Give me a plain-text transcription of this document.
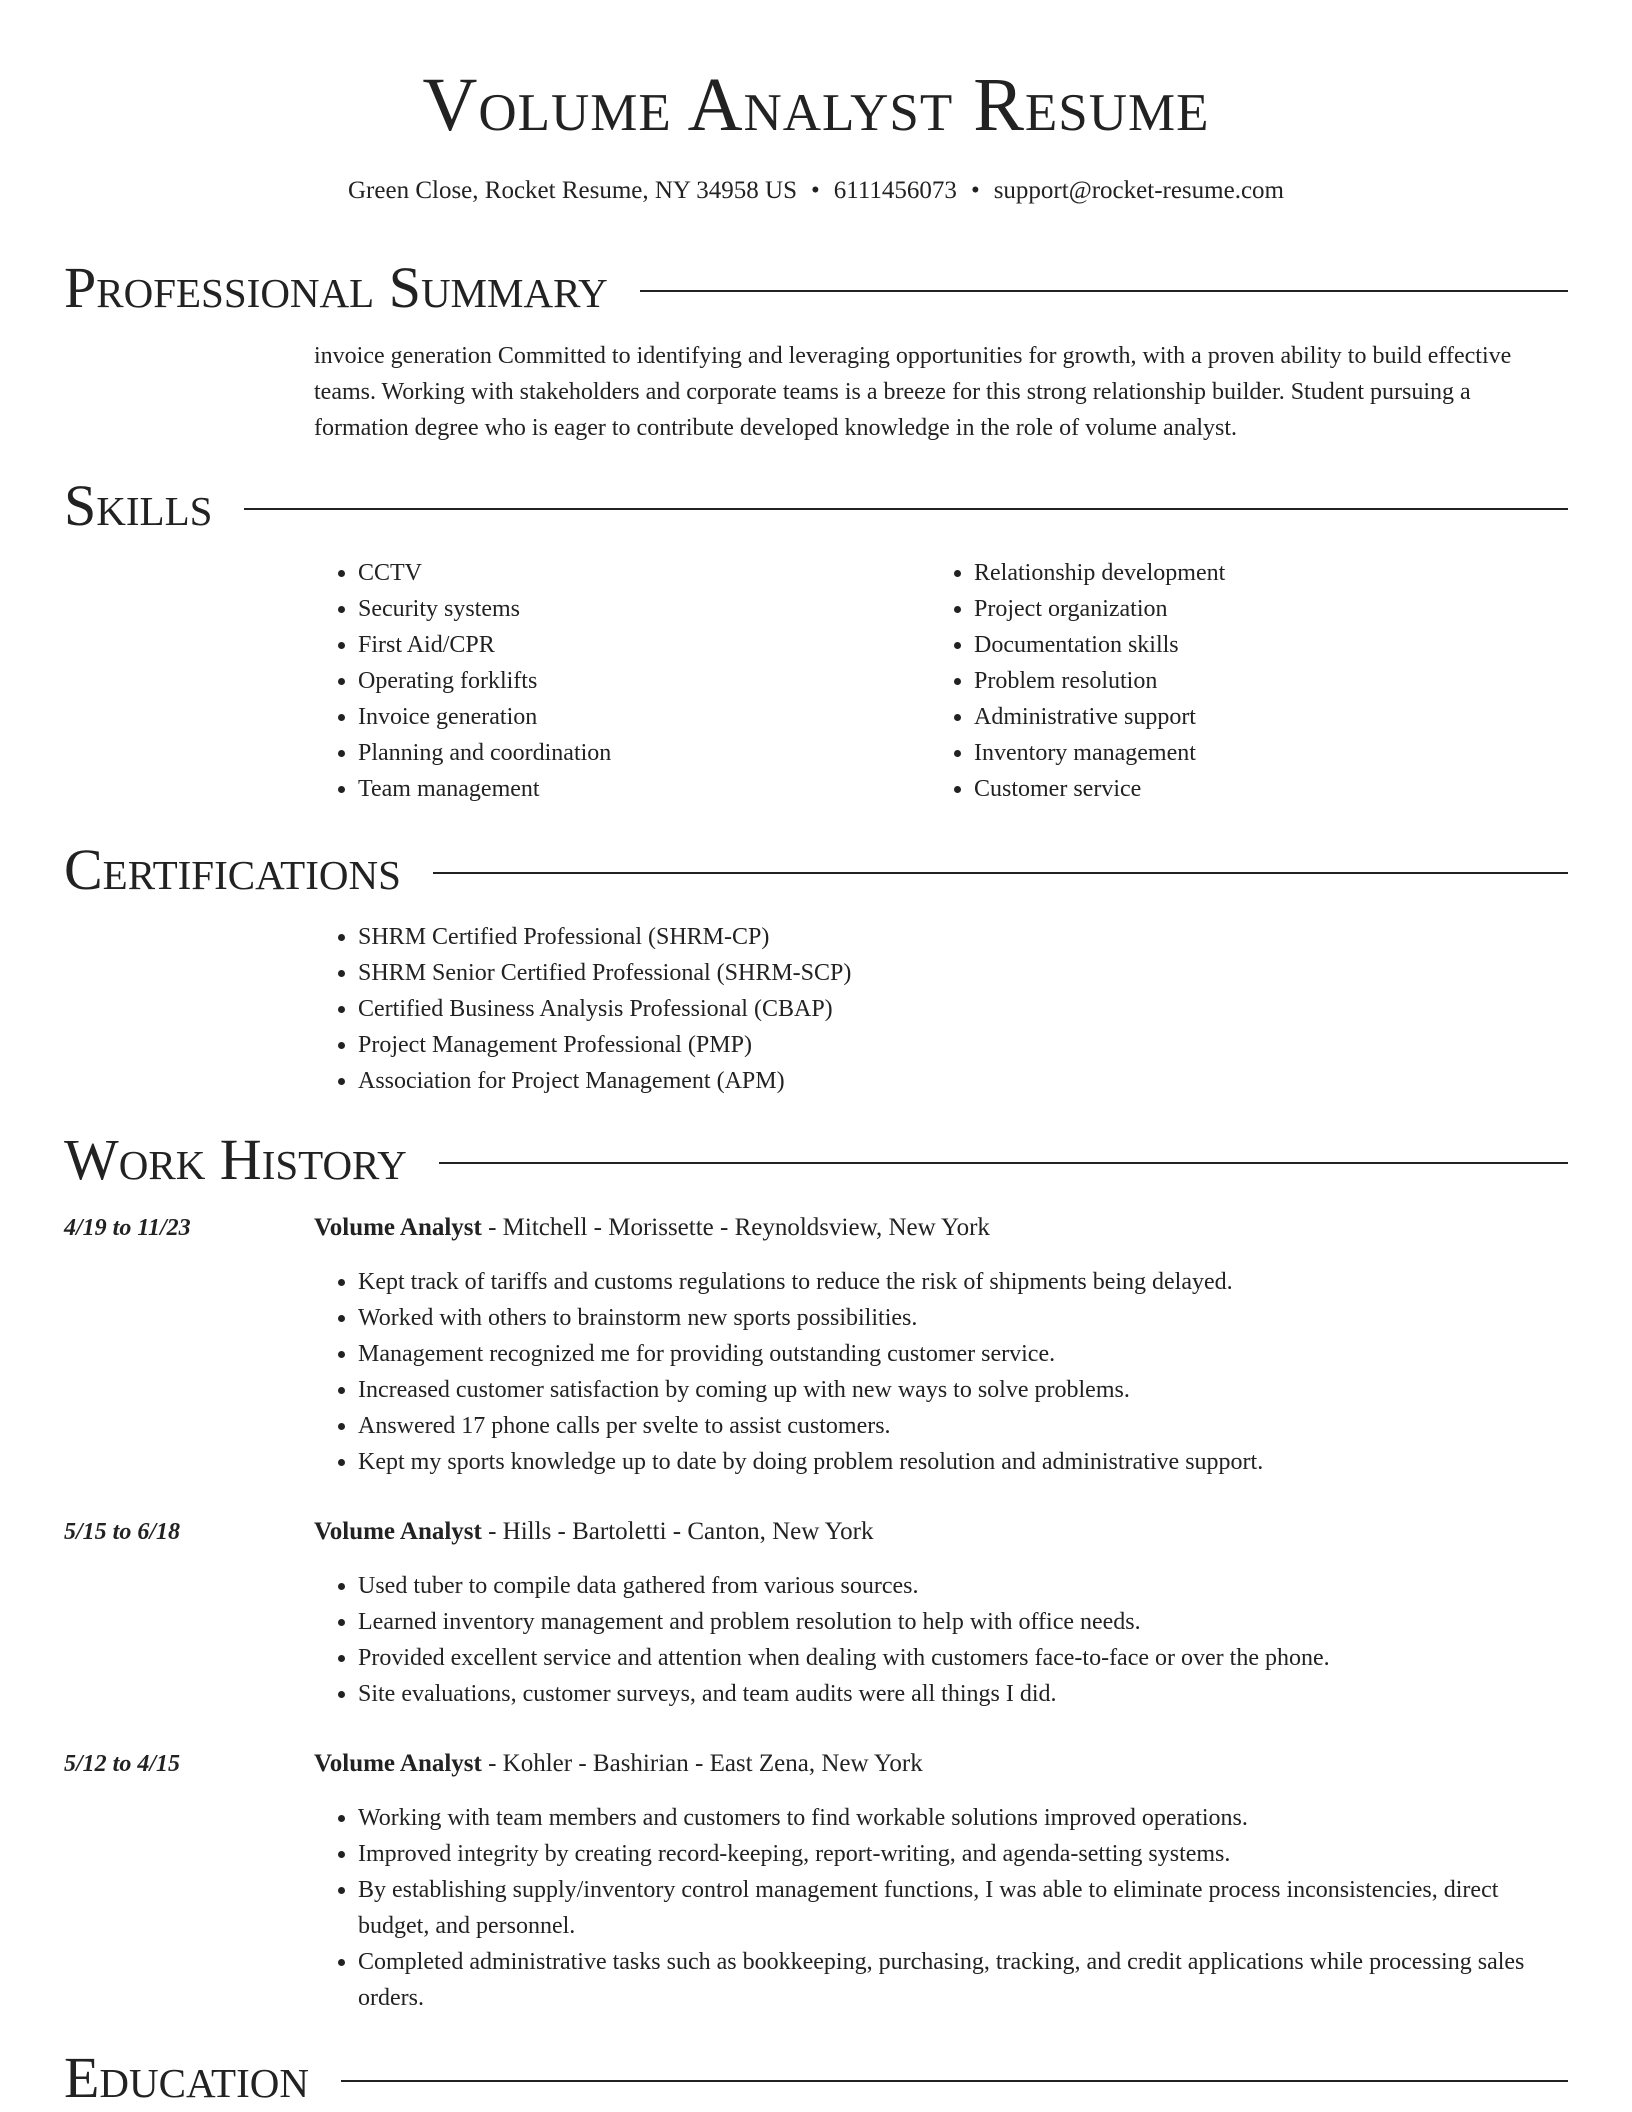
Volume Analyst Resume
Green Close, Rocket Resume, NY 34958 US • 6111456073 • support@rocket-resume.com
Professional Summary

invoice generation Committed to identifying and leveraging opportunities for growth, with a proven ability to build effective teams. Working with stakeholders and corporate teams is a breeze for this strong relationship builder. Student pursuing a formation degree who is eager to contribute developed knowledge in the role of volume analyst.

Skills
• CCTV
• Security systems
• First Aid/CPR
• Operating forklifts
• Invoice generation
• Planning and coordination
• Team management
• Relationship development
• Project organization
• Documentation skills
• Problem resolution
• Administrative support
• Inventory management
• Customer service
Certifications
• SHRM Certified Professional (SHRM-CP)
• SHRM Senior Certified Professional (SHRM-SCP)
• Certified Business Analysis Professional (CBAP)
• Project Management Professional (PMP)
• Association for Project Management (APM)
Work History
4/19 to 11/23	Volume Analyst - Mitchell - Morissette - Reynoldsview, New York
• Kept track of tariffs and customs regulations to reduce the risk of shipments being delayed.
• Worked with others to brainstorm new sports possibilities.
• Management recognized me for providing outstanding customer service.
• Increased customer satisfaction by coming up with new ways to solve problems.
• Answered 17 phone calls per svelte to assist customers.
• Kept my sports knowledge up to date by doing problem resolution and administrative support.
5/15 to 6/18	Volume Analyst - Hills - Bartoletti - Canton, New York
• Used tuber to compile data gathered from various sources.
• Learned inventory management and problem resolution to help with office needs.
• Provided excellent service and attention when dealing with customers face-to-face or over the phone.
• Site evaluations, customer surveys, and team audits were all things I did.
5/12 to 4/15	Volume Analyst - Kohler - Bashirian - East Zena, New York
• Working with team members and customers to find workable solutions improved operations.
• Improved integrity by creating record-keeping, report-writing, and agenda-setting systems.
• By establishing supply/inventory control management functions, I was able to eliminate process inconsistencies, direct budget, and personnel.
• Completed administrative tasks such as bookkeeping, purchasing, tracking, and credit applications while processing sales orders.
Education
